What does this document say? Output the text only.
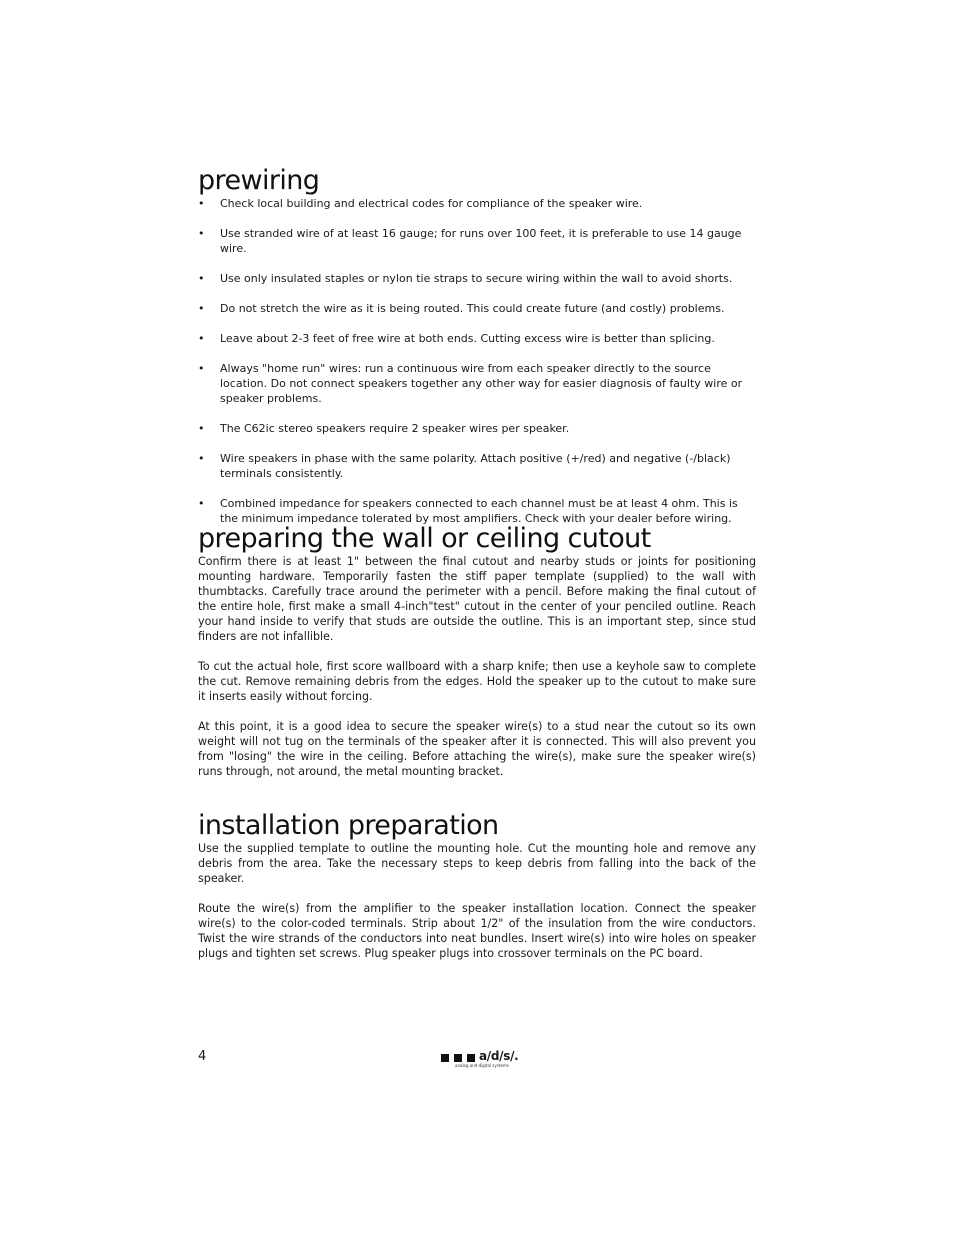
prewiring
• Check local building and electrical codes for compliance of the speaker wire.
• Use stranded wire of at least 16 gauge; for runs over 100 feet, it is preferable to use 14 gauge wire.
• Use only insulated staples or nylon tie straps to secure wiring within the wall to avoid shorts.
• Do not stretch the wire as it is being routed. This could create future (and costly) problems.
• Leave about 2-3 feet of free wire at both ends. Cutting excess wire is better than splicing.
• Always "home run" wires: run a continuous wire from each speaker directly to the source location. Do not connect speakers together any other way for easier diagnosis of faulty wire or speaker problems.
• The C62ic stereo speakers require 2 speaker wires per speaker.
• Wire speakers in phase with the same polarity. Attach positive (+/red) and negative (-/black) terminals consistently.
• Combined impedance for speakers connected to each channel must be at least 4 ohm. This is the minimum impedance tolerated by most amplifiers. Check with your dealer before wiring.
preparing the wall or ceiling cutout

Confirm there is at least 1" between the final cutout and nearby studs or joints for positioning mounting hardware. Temporarily fasten the stiff paper template (supplied) to the wall with thumbtacks. Carefully trace around the perimeter with a pencil. Before making the final cutout of the entire hole, first make a small 4-inch"test" cutout in the center of your penciled outline. Reach your hand inside to verify that studs are outside the outline. This is an important step, since stud finders are not infallible.

To cut the actual hole, first score wallboard with a sharp knife; then use a keyhole saw to complete the cut. Remove remaining debris from the edges. Hold the speaker up to the cutout to make sure it inserts easily without forcing.

At this point, it is a good idea to secure the speaker wire(s) to a stud near the cutout so its own weight will not tug on the terminals of the speaker after it is connected. This will also prevent you from "losing" the wire in the ceiling. Before attaching the wire(s), make sure the speaker wire(s) runs through, not around, the metal mounting bracket.

installation preparation

Use the supplied template to outline the mounting hole. Cut the mounting hole and remove any debris from the area. Take the necessary steps to keep debris from falling into the back of the speaker.

Route the wire(s) from the amplifier to the speaker installation location. Connect the speaker wire(s) to the color-coded terminals. Strip about 1/2" of the insulation from the wire conductors. Twist the wire strands of the conductors into neat bundles. Insert wire(s) into wire holes on speaker plugs and tighten set screws. Plug speaker plugs into crossover terminals on the PC board.

4	a/d/s/.
analog and digital systems
